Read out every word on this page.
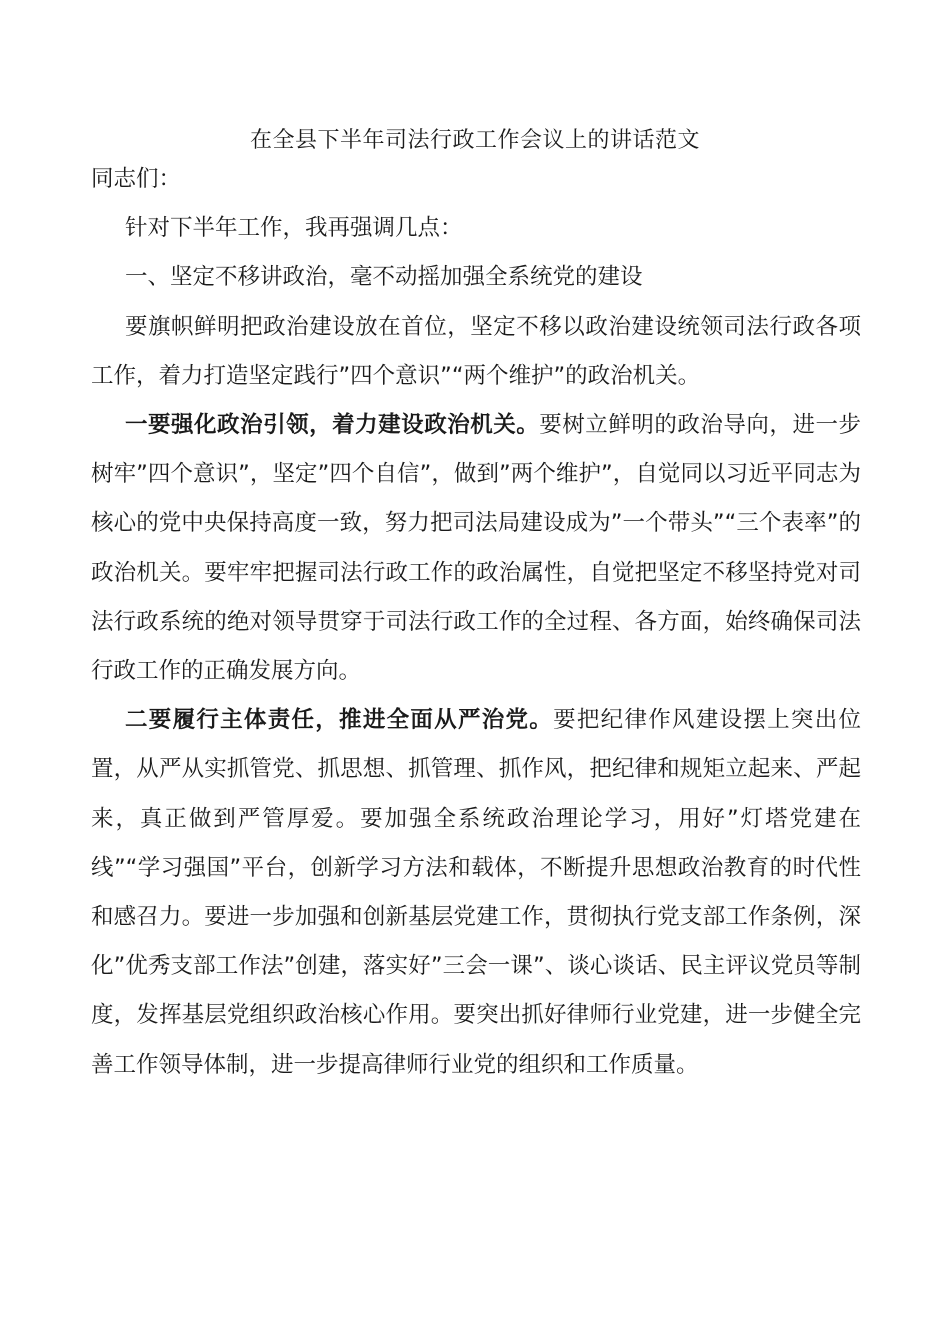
在全县下半年司法行政工作会议上的讲话范文

同志们：

针对下半年工作，我再强调几点：

一、坚定不移讲政治，毫不动摇加强全系统党的建设

要旗帜鲜明把政治建设放在首位，坚定不移以政治建设统领司法行政各项工作，着力打造坚定践行”四个意识”“两个维护”的政治机关。

一要强化政治引领，着力建设政治机关。要树立鲜明的政治导向，进一步树牢”四个意识”，坚定”四个自信”，做到”两个维护”，自觉同以习近平同志为核心的党中央保持高度一致，努力把司法局建设成为”一个带头”“三个表率”的政治机关。要牢牢把握司法行政工作的政治属性，自觉把坚定不移坚持党对司法行政系统的绝对领导贯穿于司法行政工作的全过程、各方面，始终确保司法行政工作的正确发展方向。

二要履行主体责任，推进全面从严治党。要把纪律作风建设摆上突出位置，从严从实抓管党、抓思想、抓管理、抓作风，把纪律和规矩立起来、严起来，真正做到严管厚爱。要加强全系统政治理论学习，用好”灯塔党建在线”“学习强国”平台，创新学习方法和载体，不断提升思想政治教育的时代性和感召力。要进一步加强和创新基层党建工作，贯彻执行党支部工作条例，深化”优秀支部工作法”创建，落实好”三会一课”、谈心谈话、民主评议党员等制度，发挥基层党组织政治核心作用。要突出抓好律师行业党建，进一步健全完善工作领导体制，进一步提高律师行业党的组织和工作质量。
